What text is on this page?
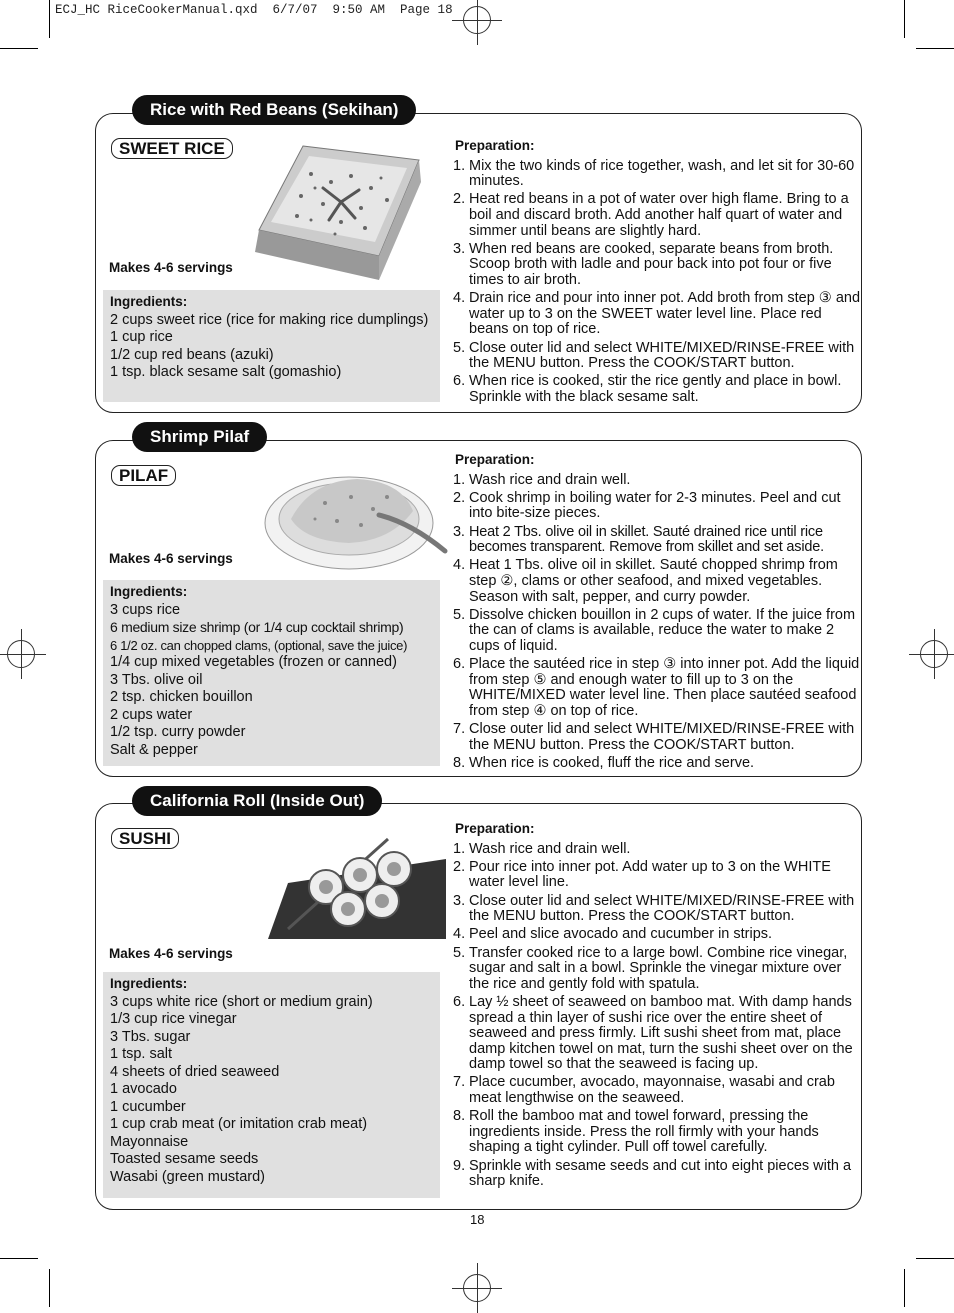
ECJ_HC RiceCookerManual.qxd  6/7/07  9:50 AM  Page 18
SWEET RICE
Makes 4-6 servings
Ingredients:
2 cups sweet rice (rice for making rice dumplings)
1 cup rice
1/2 cup red beans (azuki)
1 tsp. black sesame salt (gomashio)
Preparation:
1. Mix the two kinds of rice together, wash, and let sit for 30-60 minutes.
2. Heat red beans in a pot of water over high flame. Bring to a boil and discard broth. Add another half quart of water and simmer until beans are slightly hard.
3. When red beans are cooked, separate beans from broth. Scoop broth with ladle and pour back into pot four or five times to air broth.
4. Drain rice and pour into inner pot. Add broth from step ③ and water up to 3 on the SWEET water level line. Place red beans on top of rice.
5. Close outer lid and select WHITE/MIXED/RINSE-FREE with the MENU button. Press the COOK/START button.
6. When rice is cooked, stir the rice gently and place in bowl. Sprinkle with the black sesame salt.
Rice with Red Beans (Sekihan)
PILAF
Makes 4-6 servings
Ingredients:
3 cups rice
6 medium size shrimp (or 1/4 cup cocktail shrimp)
6 1/2 oz. can chopped clams, (optional, save the juice)
1/4 cup mixed vegetables (frozen or canned)
3 Tbs. olive oil
2 tsp. chicken bouillon
2 cups water
1/2 tsp. curry powder
Salt & pepper
Preparation:
1. Wash rice and drain well.
2. Cook shrimp in boiling water for 2-3 minutes. Peel and cut into bite-size pieces.
3. Heat 2 Tbs. olive oil in skillet. Sauté drained rice until rice becomes transparent. Remove from skillet and set aside.
4. Heat 1 Tbs. olive oil in skillet. Sauté chopped shrimp from step ②, clams or other seafood, and mixed vegetables. Season with salt, pepper, and curry powder.
5. Dissolve chicken bouillon in 2 cups of water. If the juice from the can of clams is available, reduce the water to make 2 cups of liquid.
6. Place the sautéed rice in step ③ into inner pot. Add the liquid from step ⑤ and enough water to fill up to 3 on the WHITE/MIXED water level line. Then place sautéed seafood from step ④ on top of rice.
7. Close outer lid and select WHITE/MIXED/RINSE-FREE with the MENU button. Press the COOK/START button.
8. When rice is cooked, fluff the rice and serve.
Shrimp Pilaf
SUSHI
Makes 4-6 servings
Ingredients:
3 cups white rice (short or medium grain)
1/3 cup rice vinegar
3 Tbs. sugar
1 tsp. salt
4 sheets of dried seaweed
1 avocado
1 cucumber
1 cup crab meat (or imitation crab meat)
Mayonnaise
Toasted sesame seeds
Wasabi (green mustard)
Preparation:
1. Wash rice and drain well.
2. Pour rice into inner pot. Add water up to 3 on the WHITE water level line.
3. Close outer lid and select WHITE/MIXED/RINSE-FREE with the MENU button. Press the COOK/START button.
4. Peel and slice avocado and cucumber in strips.
5. Transfer cooked rice to a large bowl. Combine rice vinegar, sugar and salt in a bowl. Sprinkle the vinegar mixture over the rice and gently fold with spatula.
6. Lay ½ sheet of seaweed on bamboo mat. With damp hands spread a thin layer of sushi rice over the entire sheet of seaweed and press firmly. Lift sushi sheet from mat, place damp kitchen towel on mat, turn the sushi sheet over on the damp towel so that the seaweed is facing up.
7. Place cucumber, avocado, mayonnaise, wasabi and crab meat lengthwise on the seaweed.
8. Roll the bamboo mat and towel forward, pressing the ingredients inside. Press the roll firmly with your hands shaping a tight cylinder. Pull off towel carefully.
9. Sprinkle with sesame seeds and cut into eight pieces with a sharp knife.
California Roll (Inside Out)
18
